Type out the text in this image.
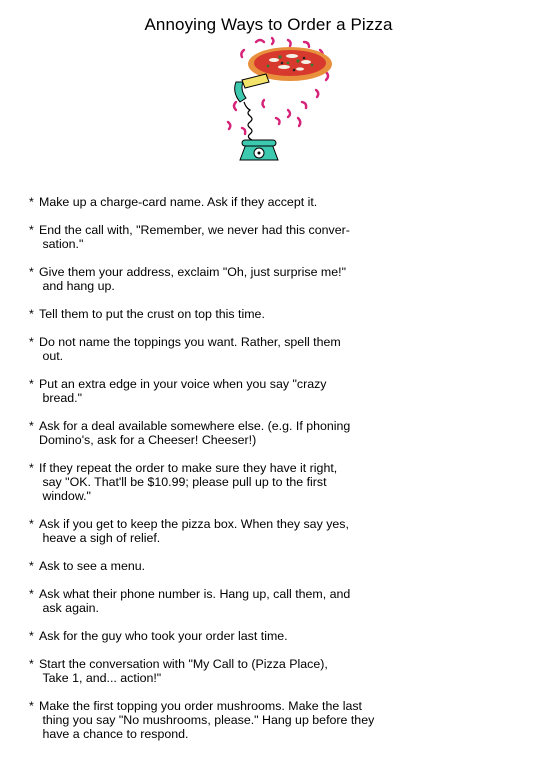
Annoying Ways to Order a Pizza
* Make up a charge-card name. Ask if they accept it.
* End the call with, "Remember, we never had this conver-
sation."
* Give them your address, exclaim "Oh, just surprise me!"
and hang up.
* Tell them to put the crust on top this time.
* Do not name the toppings you want. Rather, spell them
out.
* Put an extra edge in your voice when you say "crazy
bread."
* Ask for a deal available somewhere else. (e.g. If phoning
Domino's, ask for a Cheeser! Cheeser!)
* If they repeat the order to make sure they have it right,
say "OK. That'll be $10.99; please pull up to the first
window."
* Ask if you get to keep the pizza box. When they say yes,
heave a sigh of relief.
* Ask to see a menu.
* Ask what their phone number is. Hang up, call them, and
ask again.
* Ask for the guy who took your order last time.
* Start the conversation with "My Call to (Pizza Place),
Take 1, and... action!"
* Make the first topping you order mushrooms. Make the last
thing you say "No mushrooms, please." Hang up before they
have a chance to respond.
